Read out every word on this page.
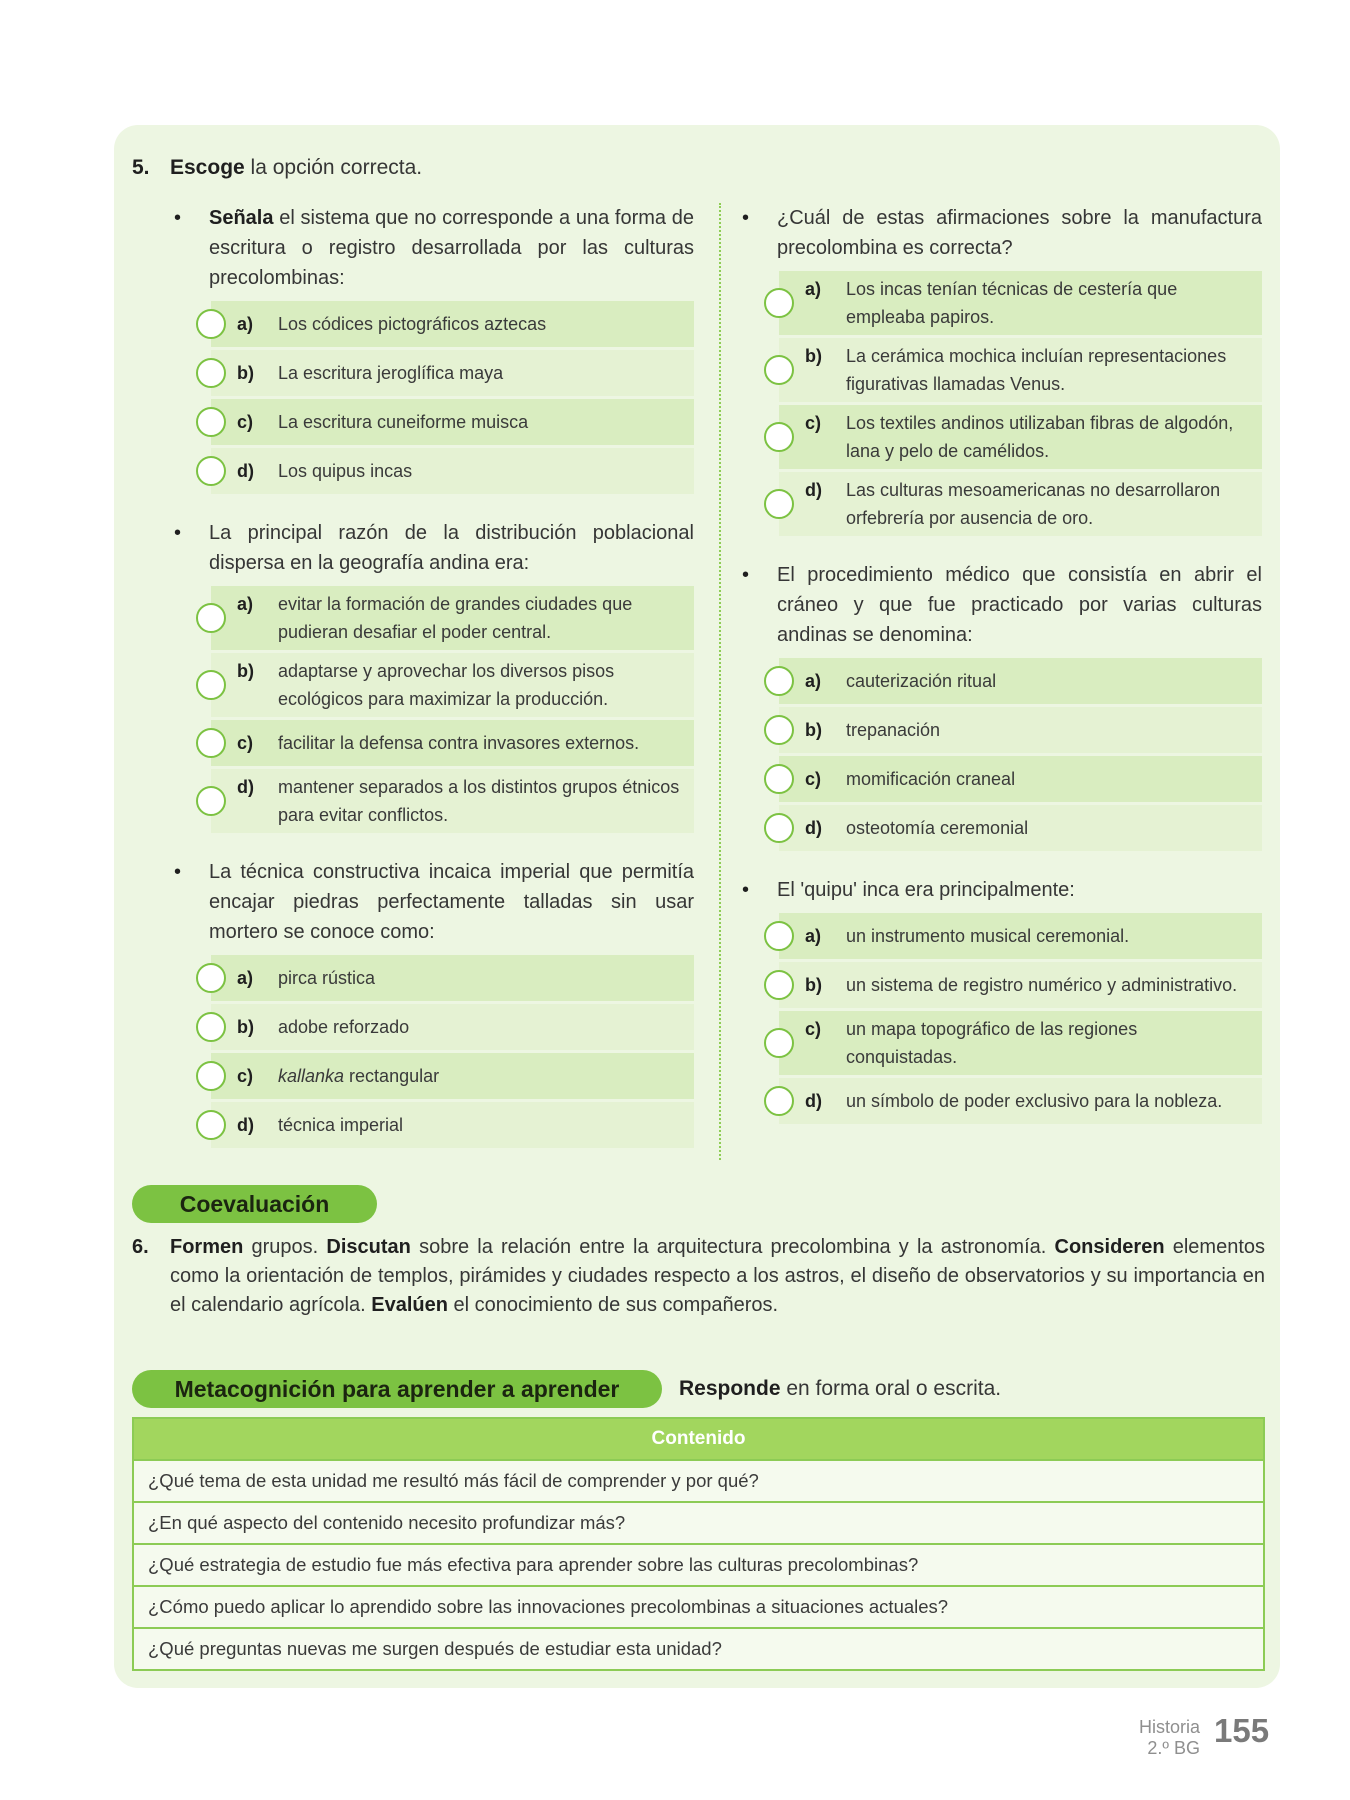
5. Escoge la opción correcta.
•
Señala el sistema que no corresponde a una forma de escritura o registro desarrollada por las culturas precolombinas:
a)	Los códices pictográficos aztecas
b)	La escritura jeroglífica maya
c)	La escritura cuneiforme muisca
d)	Los quipus incas
•
La principal razón de la distribución poblacional dispersa en la geografía andina era:
a)	evitar la formación de grandes ciudades que pudieran desafiar el poder central.
b)	adaptarse y aprovechar los diversos pisos ecológicos para maximizar la producción.
c)	facilitar la defensa contra invasores externos.
d)	mantener separados a los distintos grupos étnicos para evitar conflictos.
•
La técnica constructiva incaica imperial que permitía encajar piedras perfectamente talladas sin usar mortero se conoce como:
a)	pirca rústica
b)	adobe reforzado
c)	kallanka rectangular
d)	técnica imperial
•
¿Cuál de estas afirmaciones sobre la manufactura precolombina es correcta?
a)	Los incas tenían técnicas de cestería que empleaba papiros.
b)	La cerámica mochica incluían representaciones figurativas llamadas Venus.
c)	Los textiles andinos utilizaban fibras de algodón, lana y pelo de camélidos.
d)	Las culturas mesoamericanas no desarrollaron orfebrería por ausencia de oro.
•
El procedimiento médico que consistía en abrir el cráneo y que fue practicado por varias culturas andinas se denomina:
a)	cauterización ritual
b)	trepanación
c)	momificación craneal
d)	osteotomía ceremonial
•
El 'quipu' inca era principalmente:
a)	un instrumento musical ceremonial.
b)	un sistema de registro numérico y administrativo.
c)	un mapa topográfico de las regiones conquistadas.
d)	un símbolo de poder exclusivo para la nobleza.
Coevaluación
6.	Formen grupos. Discutan sobre la relación entre la arquitectura precolombina y la astronomía. Consideren elementos como la orientación de templos, pirámides y ciudades respecto a los astros, el diseño de observatorios y su importancia en el calendario agrícola. Evalúen el conocimiento de sus compañeros.
Metacognición para aprender a aprender	Responde en forma oral o escrita.
Contenido
¿Qué tema de esta unidad me resultó más fácil de comprender y por qué?
¿En qué aspecto del contenido necesito profundizar más?
¿Qué estrategia de estudio fue más efectiva para aprender sobre las culturas precolombinas?
¿Cómo puedo aplicar lo aprendido sobre las innovaciones precolombinas a situaciones actuales?
¿Qué preguntas nuevas me surgen después de estudiar esta unidad?
Historia
2.º BG 155
